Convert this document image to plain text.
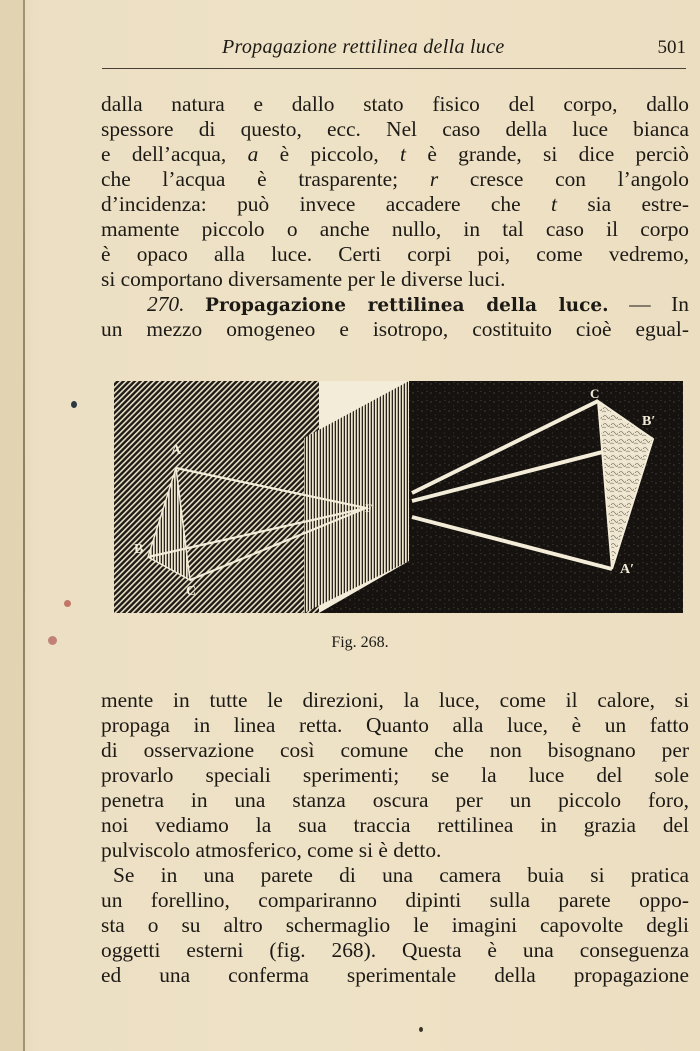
Propagazione rettilinea della luce	501
dalla natura e dallo stato fisico del corpo, dallo
spessore di questo, ecc. Nel caso della luce bianca
e dell’acqua, a è piccolo, t è grande, si dice perciò
che l’acqua è trasparente; r cresce con l’angolo
d’incidenza: può invece accadere che t sia estre-
mamente piccolo o anche nullo, in tal caso il corpo
è opaco alla luce. Certi corpi poi, come vedremo,
si comportano diversamente per le diverse luci.
270. Propagazione rettilinea della luce. — In
un mezzo omogeneo e isotropo, costituito cioè egual-
A
B
C
F
C
B′
A′
Fig. 268.
mente in tutte le direzioni, la luce, come il calore, si
propaga in linea retta. Quanto alla luce, è un fatto
di osservazione così comune che non bisognano per
provarlo speciali sperimenti; se la luce del sole
penetra in una stanza oscura per un piccolo foro,
noi vediamo la sua traccia rettilinea in grazia del
pulviscolo atmosferico, come si è detto.
Se in una parete di una camera buia si pratica
un forellino, compariranno dipinti sulla parete oppo-
sta o su altro schermaglio le imagini capovolte degli
oggetti esterni (fig. 268). Questa è una conseguenza
ed una conferma sperimentale della propagazione
